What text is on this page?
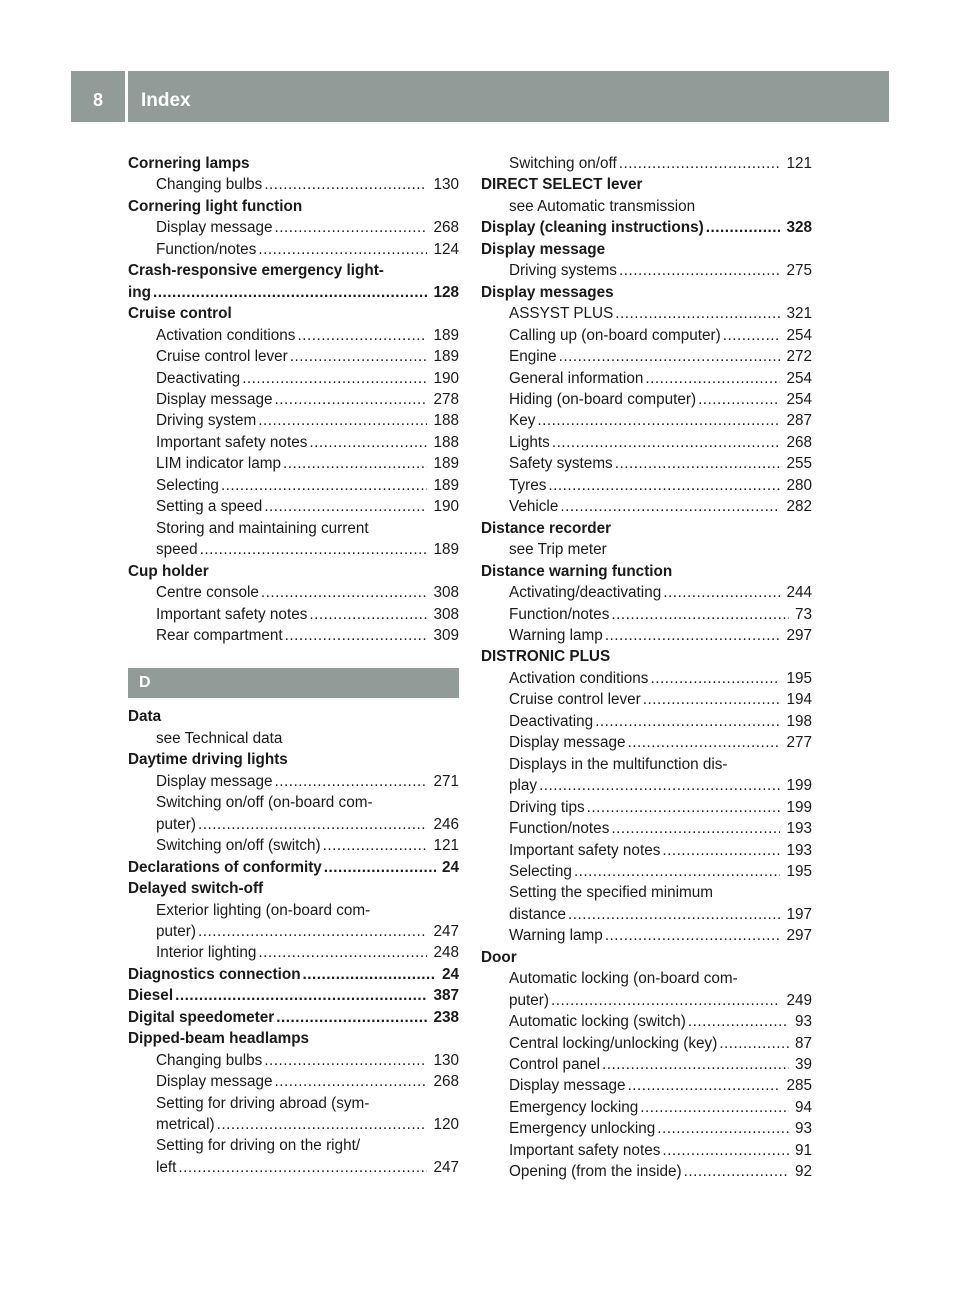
8	Index
Cornering lamps
Changing bulbs .....	130
Cornering light function
Display message .....	268
Function/notes .....	124
Crash-responsive emergency light-
ing .....	128
Cruise control
Activation conditions .....	189
Cruise control lever .....	189
Deactivating .....	190
Display message .....	278
Driving system .....	188
Important safety notes .....	188
LIM indicator lamp .....	189
Selecting .....	189
Setting a speed .....	190
Storing and maintaining current
speed .....	189
Cup holder
Centre console .....	308
Important safety notes .....	308
Rear compartment .....	309
D
Data
see Technical data
Daytime driving lights
Display message .....	271
Switching on/off (on-board com-
puter) .....	246
Switching on/off (switch) .....	121
Declarations of conformity .....	24
Delayed switch-off
Exterior lighting (on-board com-
puter) .....	247
Interior lighting .....	248
Diagnostics connection .....	24
Diesel .....	387
Digital speedometer .....	238
Dipped-beam headlamps
Changing bulbs .....	130
Display message .....	268
Setting for driving abroad (sym-
metrical) .....	120
Setting for driving on the right/
left .....	247
Switching on/off .....	121
DIRECT SELECT lever
see Automatic transmission
Display (cleaning instructions) .....	328
Display message
Driving systems .....	275
Display messages
ASSYST PLUS .....	321
Calling up (on-board computer) .....	254
Engine .....	272
General information .....	254
Hiding (on-board computer) .....	254
Key .....	287
Lights .....	268
Safety systems .....	255
Tyres .....	280
Vehicle .....	282
Distance recorder
see Trip meter
Distance warning function
Activating/deactivating .....	244
Function/notes .....	73
Warning lamp .....	297
DISTRONIC PLUS
Activation conditions .....	195
Cruise control lever .....	194
Deactivating .....	198
Display message .....	277
Displays in the multifunction dis-
play .....	199
Driving tips .....	199
Function/notes .....	193
Important safety notes .....	193
Selecting .....	195
Setting the specified minimum
distance .....	197
Warning lamp .....	297
Door
Automatic locking (on-board com-
puter) .....	249
Automatic locking (switch) .....	93
Central locking/unlocking (key) .....	87
Control panel .....	39
Display message .....	285
Emergency locking .....	94
Emergency unlocking .....	93
Important safety notes .....	91
Opening (from the inside) .....	92
